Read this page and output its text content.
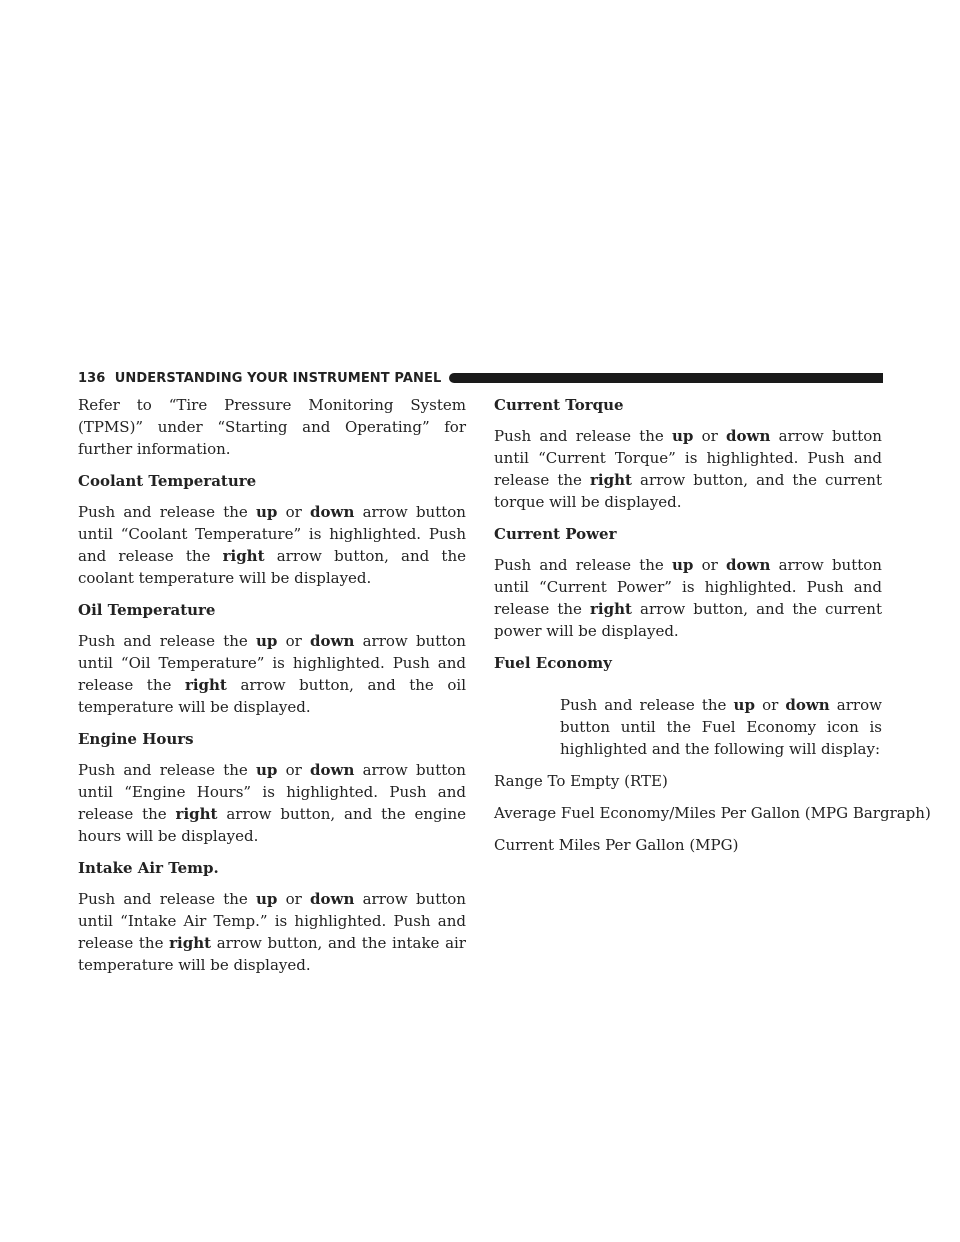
136 UNDERSTANDING YOUR INSTRUMENT PANEL

Refer to “Tire Pressure Monitoring System (TPMS)” under “Starting and Operating” for further information.

Coolant Temperature

Push and release the up or down arrow button until “Coolant Temperature” is highlighted. Push and release the right arrow button, and the coolant temperature will be displayed.

Oil Temperature

Push and release the up or down arrow button until “Oil Temperature” is highlighted. Push and release the right arrow button, and the oil temperature will be displayed.

Engine Hours

Push and release the up or down arrow button until “Engine Hours” is highlighted. Push and release the right arrow button, and the engine hours will be displayed.

Intake Air Temp.

Push and release the up or down arrow button until “Intake Air Temp.” is highlighted. Push and release the right arrow button, and the intake air temperature will be displayed.

Current Torque

Push and release the up or down arrow button until “Current Torque” is highlighted. Push and release the right arrow button, and the current torque will be displayed.

Current Power

Push and release the up or down arrow button until “Current Power” is highlighted. Push and release the right arrow button, and the current power will be displayed.

Fuel Economy

Push and release the up or down arrow button until the Fuel Economy icon is highlighted and the following will display:

Range To Empty (RTE)

Average Fuel Economy/Miles Per Gallon (MPG Bargraph)

Current Miles Per Gallon (MPG)
